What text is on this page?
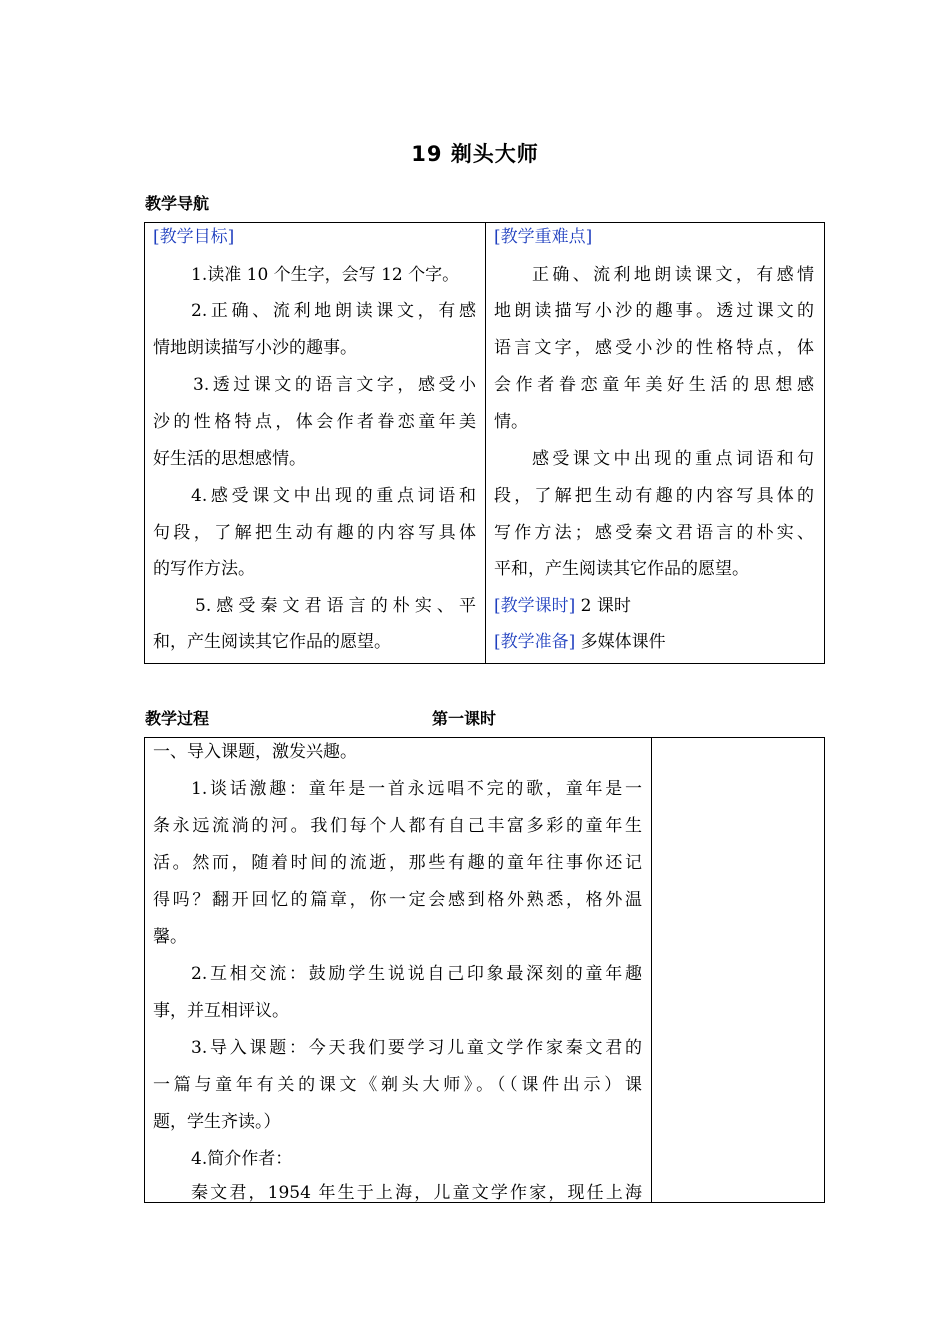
19 剃头大师
教学导航
[教学目标]
1.读准 10 个生字，会写 12 个字。
2.正确、流利地朗读课文，有感
情地朗读描写小沙的趣事。
3.透过课文的语言文字，感受小
沙的性格特点，体会作者眷恋童年美
好生活的思想感情。
4.感受课文中出现的重点词语和
句段，了解把生动有趣的内容写具体
的写作方法。
5.感受秦文君语言的朴实、平
和，产生阅读其它作品的愿望。
[教学重难点]
正确、流利地朗读课文，有感情
地朗读描写小沙的趣事。透过课文的
语言文字，感受小沙的性格特点，体
会作者眷恋童年美好生活的思想感
情。
感受课文中出现的重点词语和句
段，了解把生动有趣的内容写具体的
写作方法；感受秦文君语言的朴实、
平和，产生阅读其它作品的愿望。
[教学课时] 2 课时
[教学准备] 多媒体课件
教学过程	第一课时
一、导入课题，激发兴趣。
1.谈话激趣：童年是一首永远唱不完的歌，童年是一
条永远流淌的河。我们每个人都有自己丰富多彩的童年生
活。然而，随着时间的流逝，那些有趣的童年往事你还记
得吗？翻开回忆的篇章，你一定会感到格外熟悉，格外温
馨。
2.互相交流：鼓励学生说说自己印象最深刻的童年趣
事，并互相评议。
3.导入课题：今天我们要学习儿童文学作家秦文君的
一篇与童年有关的课文《剃头大师》。（（课件出示）课
题，学生齐读。）
4.简介作者：
秦文君，1954 年生于上海，儿童文学作家，现任上海
